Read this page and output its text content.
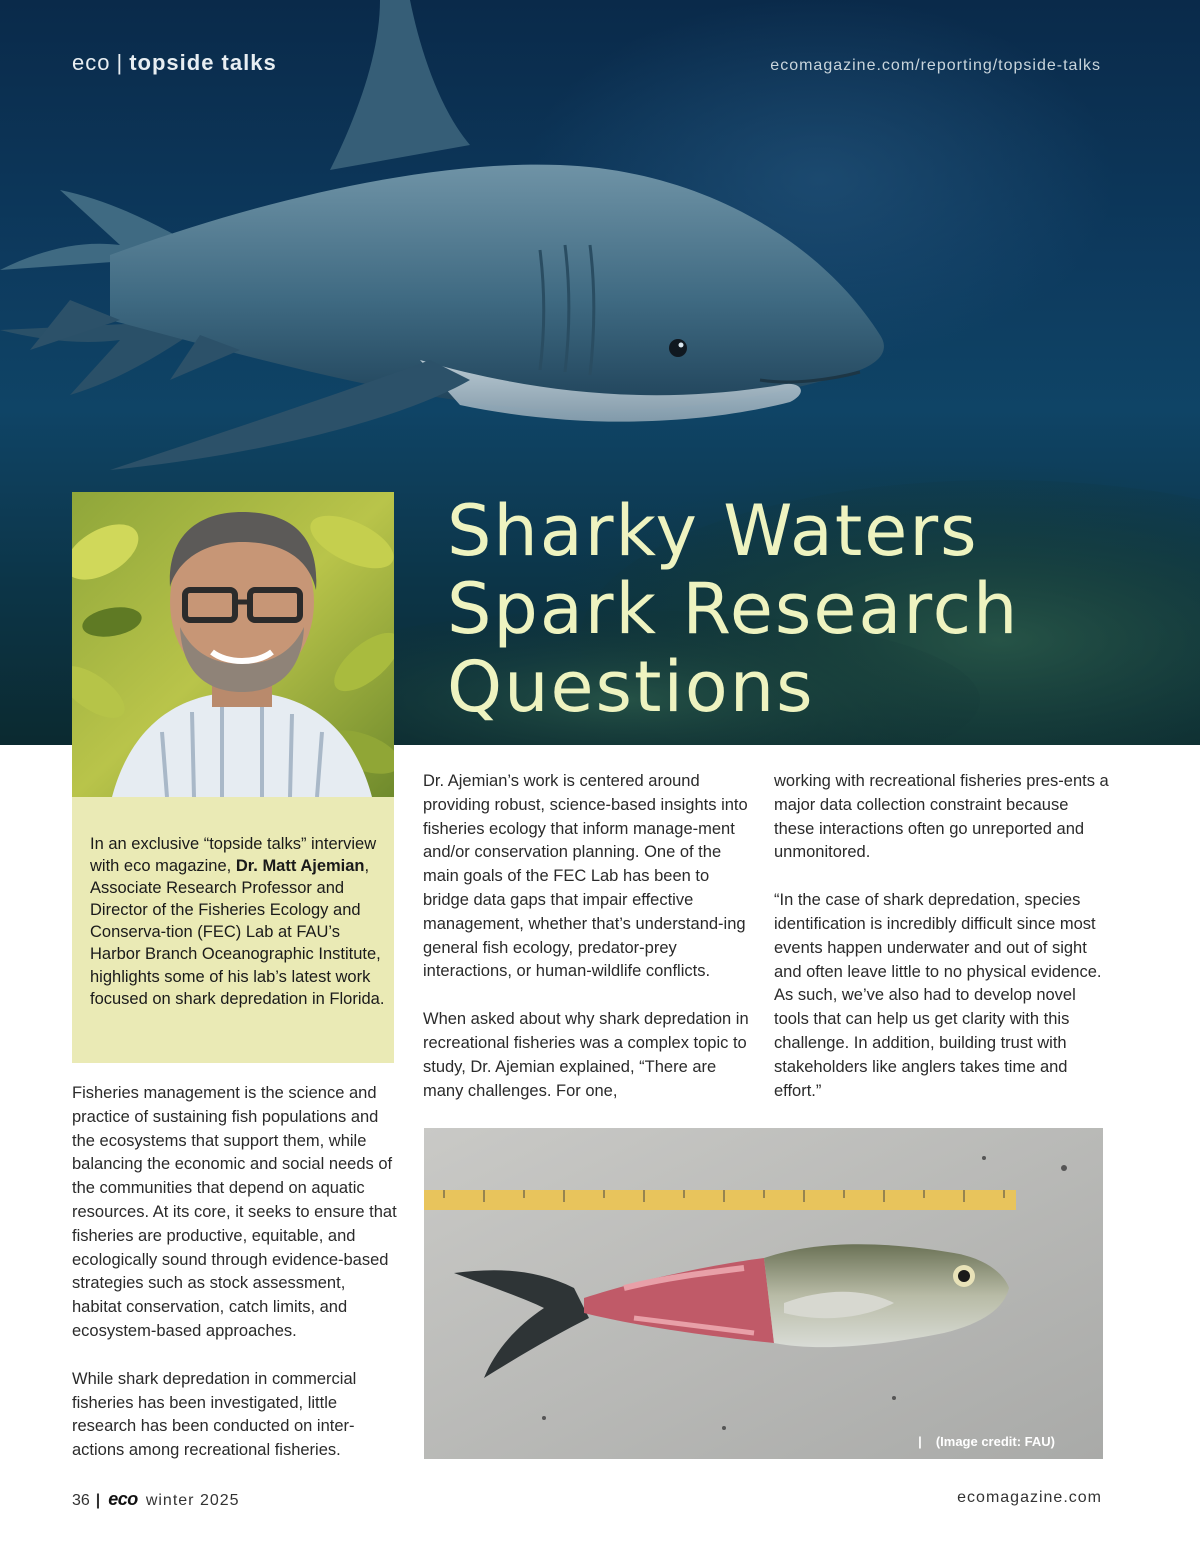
eco | topside talks	ecomagazine.com/reporting/topside-talks
Sharky Waters
Spark Research
Questions
In an exclusive “topside talks” interview with eco magazine, Dr. Matt Ajemian, Associate Research Professor and Director of the Fisheries Ecology and Conserva-tion (FEC) Lab at FAU’s Harbor Branch Oceanographic Institute, highlights some of his lab’s latest work focused on shark depredation in Florida.

Fisheries management is the science and practice of sustaining fish populations and the ecosystems that support them, while balancing the economic and social needs of the communities that depend on aquatic resources. At its core, it seeks to ensure that fisheries are productive, equitable, and ecologically sound through evidence-based strategies such as stock assessment, habitat conservation, catch limits, and ecosystem-based approaches.

While shark depredation in commercial fisheries has been investigated, little research has been conducted on inter-actions among recreational fisheries.

Dr. Ajemian’s work is centered around providing robust, science-based insights into fisheries ecology that inform manage-ment and/or conservation planning. One of the main goals of the FEC Lab has been to bridge data gaps that impair effective management, whether that’s understand-ing general fish ecology, predator-prey interactions, or human-wildlife conflicts.

When asked about why shark depredation in recreational fisheries was a complex topic to study, Dr. Ajemian explained, “There are many challenges. For one,

working with recreational fisheries pres-ents a major data collection constraint because these interactions often go unreported and unmonitored.

“In the case of shark depredation, species identification is incredibly difficult since most events happen underwater and out of sight and often leave little to no physical evidence. As such, we’ve also had to develop novel tools that can help us get clarity with this challenge. In addition, building trust with stakeholders like anglers takes time and effort.”

| (Image credit: FAU)
36 | eco winter 2025	ecomagazine.com
